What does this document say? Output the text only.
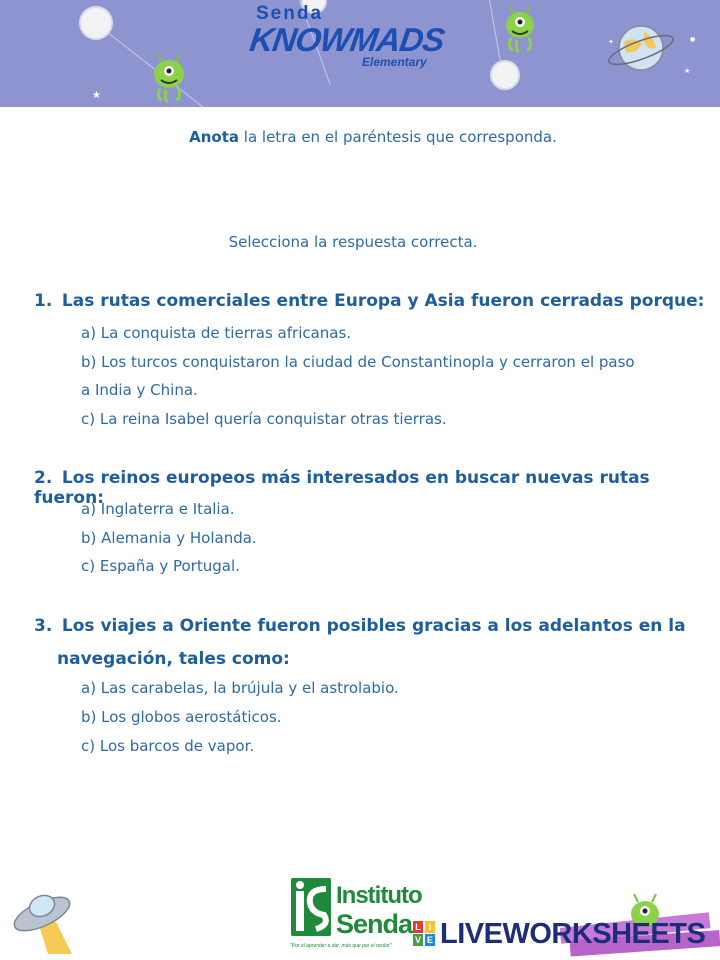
★
★
●
✦
Senda
KNOWMADS
Elementary
Anota la letra en el paréntesis que corresponda.
Selecciona la respuesta correcta.
1. Las rutas comerciales entre Europa y Asia fueron cerradas porque:
a) La conquista de tierras africanas.
b) Los turcos conquistaron la ciudad de Constantinopla y cerraron el paso
a India y China.
c) La reina Isabel quería conquistar otras tierras.
2. Los reinos europeos más interesados en buscar nuevas rutas fueron:
a) Inglaterra e Italia.
b) Alemania y Holanda.
c) España y Portugal.
3. Los viajes a Oriente fueron posibles gracias a los adelantos en la
navegación, tales como:
a) Las carabelas, la brújula y el astrolabio.
b) Los globos aerostáticos.
c) Los barcos de vapor.
Instituto
Senda
"Por el aprender a dar, más que por el recibir"
L I
V E LIVEWORKSHEETS
